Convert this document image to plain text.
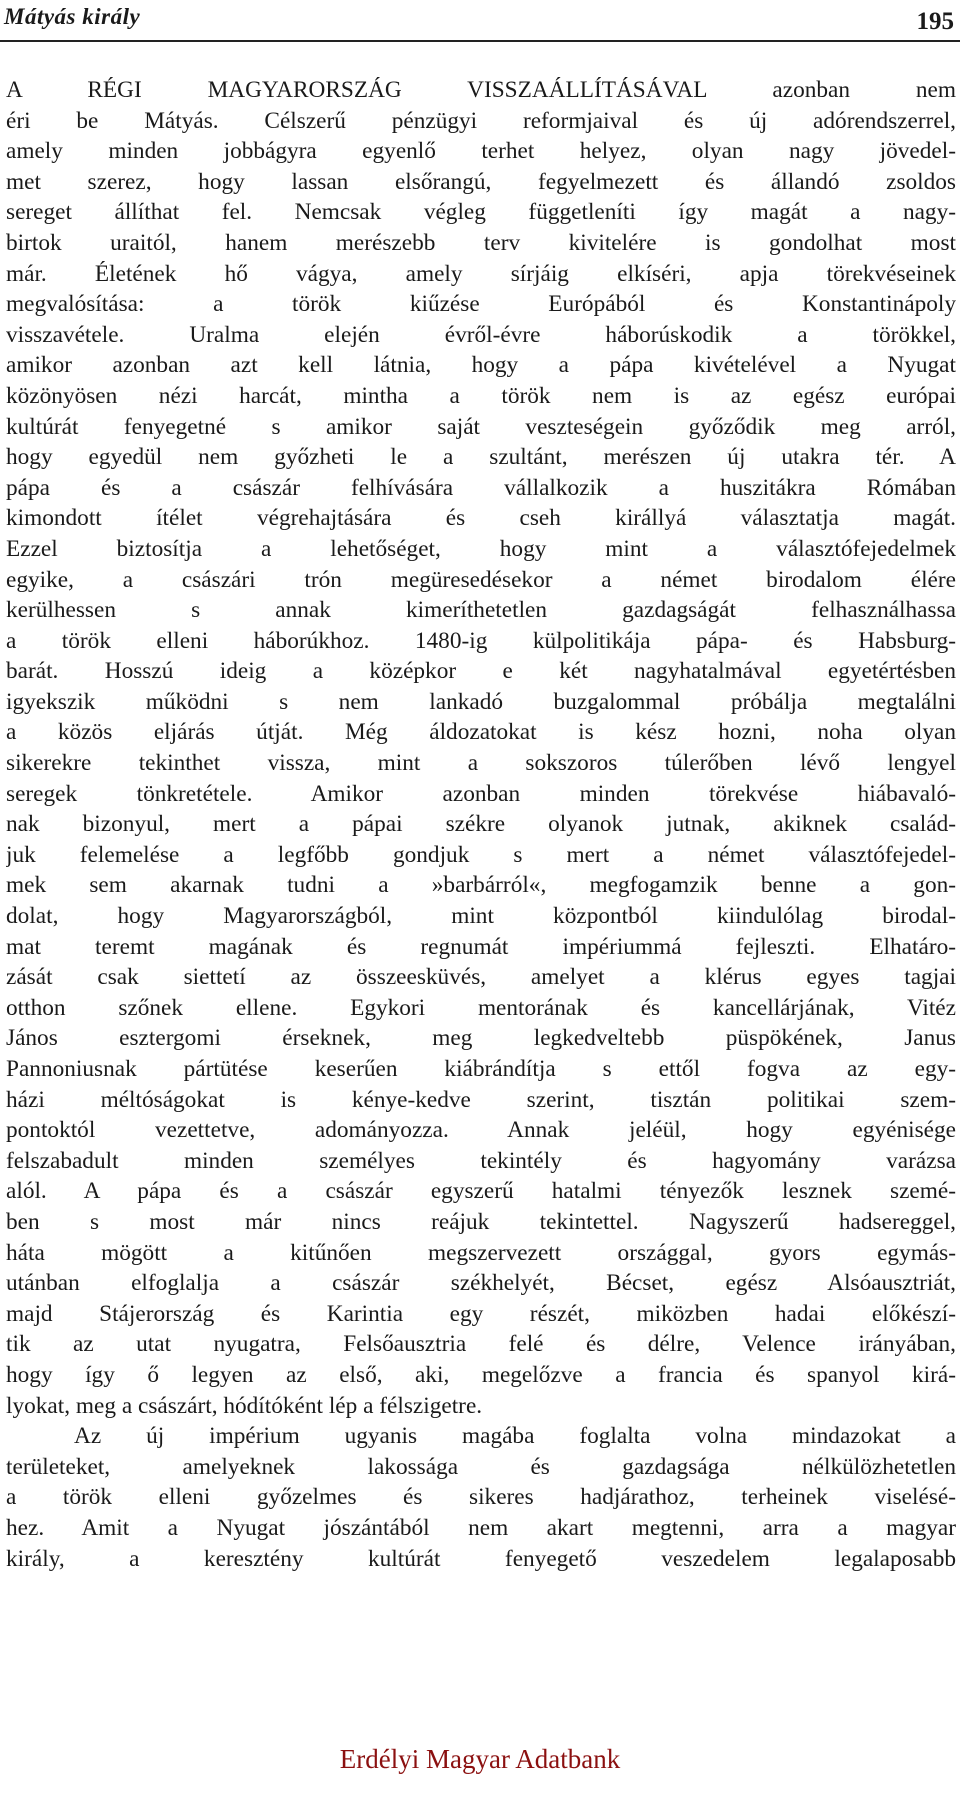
Mátyás király	195
A RÉGI MAGYARORSZÁG VISSZAÁLLÍTÁSÁVAL azonban nem
éri be Mátyás. Célszerű pénzügyi reformjaival és új adórendszerrel,
amely minden jobbágyra egyenlő terhet helyez, olyan nagy jövedel-
met szerez, hogy lassan elsőrangú, fegyelmezett és állandó zsoldos
sereget állíthat fel. Nemcsak végleg függetleníti így magát a nagy-
birtok uraitól, hanem merészebb terv kivitelére is gondolhat most
már. Életének hő vágya, amely sírjáig elkíséri, apja törekvéseinek
megvalósítása: a török kiűzése Európából és Konstantinápoly
visszavétele. Uralma elején évről-évre háborúskodik a törökkel,
amikor azonban azt kell látnia, hogy a pápa kivételével a Nyugat
közönyösen nézi harcát, mintha a török nem is az egész európai
kultúrát fenyegetné s amikor saját veszteségein győződik meg arról,
hogy egyedül nem győzheti le a szultánt, merészen új utakra tér. A
pápa és a császár felhívására vállalkozik a huszitákra Rómában
kimondott ítélet végrehajtására és cseh királlyá választatja magát.
Ezzel biztosítja a lehetőséget, hogy mint a választófejedelmek
egyike, a császári trón megüresedésekor a német birodalom élére
kerülhessen s annak kimeríthetetlen gazdagságát felhasználhassa
a török elleni háborúkhoz. 1480-ig külpolitikája pápa- és Habsburg-
barát. Hosszú ideig a középkor e két nagyhatalmával egyetértésben
igyekszik működni s nem lankadó buzgalommal próbálja megtalálni
a közös eljárás útját. Még áldozatokat is kész hozni, noha olyan
sikerekre tekinthet vissza, mint a sokszoros túlerőben lévő lengyel
seregek tönkretétele. Amikor azonban minden törekvése hiábavaló-
nak bizonyul, mert a pápai székre olyanok jutnak, akiknek család-
juk felemelése a legfőbb gondjuk s mert a német választófejedel-
mek sem akarnak tudni a »barbárról«, megfogamzik benne a gon-
dolat, hogy Magyarországból, mint központból kiindulólag birodal-
mat teremt magának és regnumát impériummá fejleszti. Elhatáro-
zását csak siettetí az összeesküvés, amelyet a klérus egyes tagjai
otthon szőnek ellene. Egykori mentorának és kancellárjának, Vitéz
János esztergomi érseknek, meg legkedveltebb püspökének, Janus
Pannoniusnak pártütése keserűen kiábrándítja s ettől fogva az egy-
házi méltóságokat is kénye-kedve szerint, tisztán politikai szem-
pontoktól vezettetve, adományozza. Annak jeléül, hogy egyénisége
felszabadult minden személyes tekintély és hagyomány varázsa
alól. A pápa és a császár egyszerű hatalmi tényezők lesznek szemé-
ben s most már nincs reájuk tekintettel. Nagyszerű hadsereggel,
háta mögött a kitűnően megszervezett országgal, gyors egymás-
utánban elfoglalja a császár székhelyét, Bécset, egész Alsóausztriát,
majd Stájerország és Karintia egy részét, miközben hadai előkészí-
tik az utat nyugatra, Felsőausztria felé és délre, Velence irányában,
hogy így ő legyen az első, aki, megelőzve a francia és spanyol kirá-
lyokat, meg a császárt, hódítóként lép a félszigetre.
Az új impérium ugyanis magába foglalta volna mindazokat a
területeket, amelyeknek lakossága és gazdagsága nélkülözhetetlen
a török elleni győzelmes és sikeres hadjárathoz, terheinek viselésé-
hez. Amit a Nyugat jószántából nem akart megtenni, arra a magyar
király, a keresztény kultúrát fenyegető veszedelem legalaposabb
Erdélyi Magyar Adatbank
